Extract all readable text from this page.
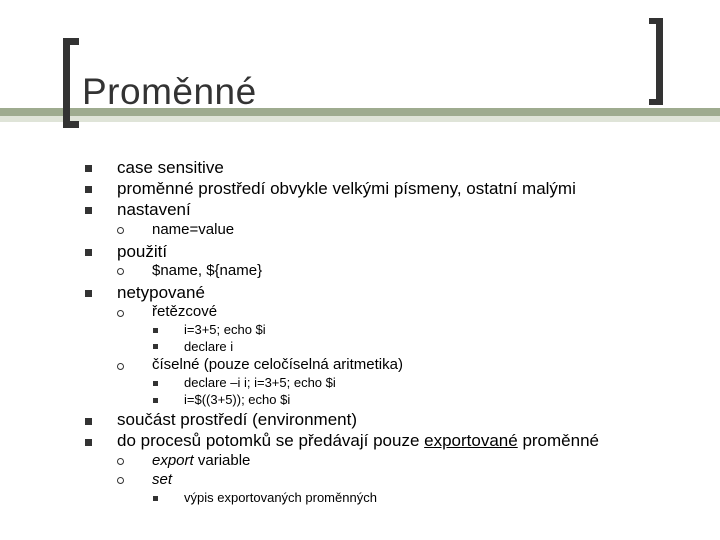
Proměnné
case sensitive
proměnné prostředí obvykle velkými písmeny, ostatní malými
nastavení
name=value
použití
$name, ${name}
netypované
řetězcové
i=3+5; echo $i
declare i
číselné (pouze celočíselná aritmetika)
declare –i i; i=3+5; echo $i
i=$((3+5)); echo $i
součást prostředí (environment)
do procesů potomků se předávají pouze exportované proměnné
export variable
set
výpis exportovaných proměnných
